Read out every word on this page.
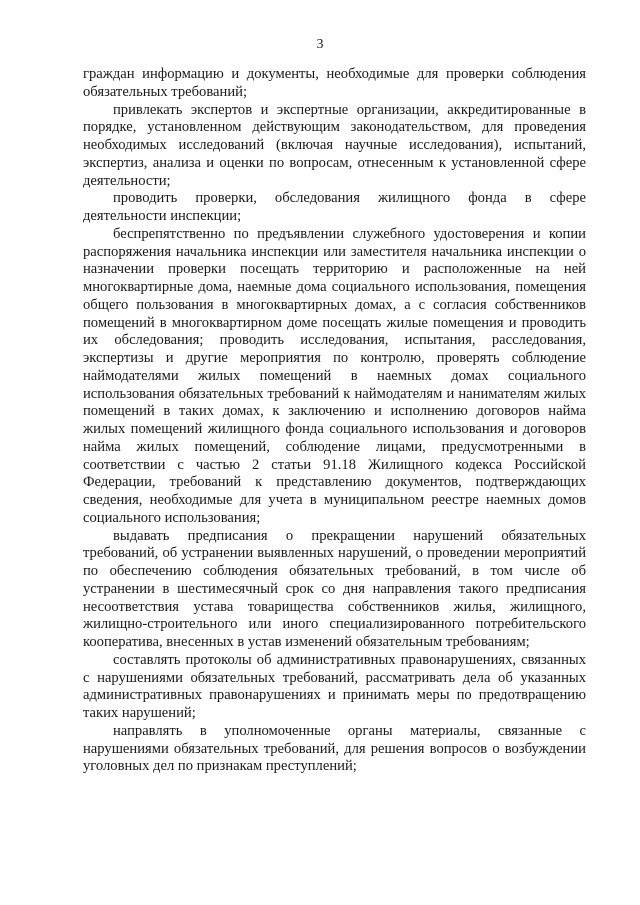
3

граждан информацию и документы, необходимые для проверки соблюдения обязательных требований;

привлекать экспертов и экспертные организации, аккредитированные в порядке, установленном действующим законодательством, для проведения необходимых исследований (включая научные исследования), испытаний, экспертиз, анализа и оценки по вопросам, отнесенным к установленной сфере деятельности;

проводить проверки, обследования жилищного фонда в сфере деятельности инспекции;

беспрепятственно по предъявлении служебного удостоверения и копии распоряжения начальника инспекции или заместителя начальника инспекции о назначении проверки посещать территорию и расположенные на ней многоквартирные дома, наемные дома социального использования, помещения общего пользования в многоквартирных домах, а с согласия собственников помещений в многоквартирном доме посещать жилые помещения и проводить их обследования; проводить исследования, испытания, расследования, экспертизы и другие мероприятия по контролю, проверять соблюдение наймодателями жилых помещений в наемных домах социального использования обязательных требований к наймодателям и нанимателям жилых помещений в таких домах, к заключению и исполнению договоров найма жилых помещений жилищного фонда социального использования и договоров найма жилых помещений, соблюдение лицами, предусмотренными в соответствии с частью 2 статьи 91.18 Жилищного кодекса Российской Федерации, требований к представлению документов, подтверждающих сведения, необходимые для учета в муниципальном реестре наемных домов социального использования;

выдавать предписания о прекращении нарушений обязательных требований, об устранении выявленных нарушений, о проведении мероприятий по обеспечению соблюдения обязательных требований, в том числе об устранении в шестимесячный срок со дня направления такого предписания несоответствия устава товарищества собственников жилья, жилищного, жилищно-строительного или иного специализированного потребительского кооператива, внесенных в устав изменений обязательным требованиям;

составлять протоколы об административных правонарушениях, связанных с нарушениями обязательных требований, рассматривать дела об указанных административных правонарушениях и принимать меры по предотвращению таких нарушений;

направлять в уполномоченные органы материалы, связанные с нарушениями обязательных требований, для решения вопросов о возбуждении уголовных дел по признакам преступлений;
